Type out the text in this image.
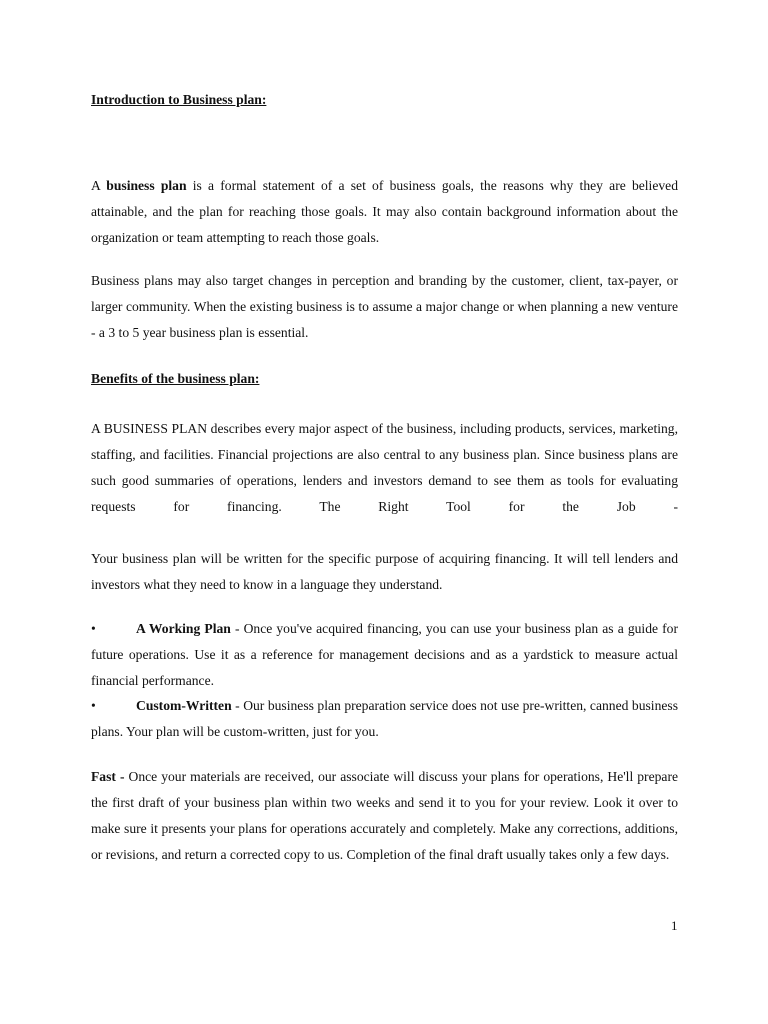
Introduction to Business plan:
A business plan is a formal statement of a set of business goals, the reasons why they are believed attainable, and the plan for reaching those goals. It may also contain background information about the organization or team attempting to reach those goals.
Business plans may also target changes in perception and branding by the customer, client, tax-payer, or larger community. When the existing business is to assume a major change or when planning a new venture - a 3 to 5 year business plan is essential.
Benefits of the business plan:
A BUSINESS PLAN describes every major aspect of the business, including products, services, marketing, staffing, and facilities. Financial projections are also central to any business plan. Since business plans are such good summaries of operations, lenders and investors demand to see them as tools for evaluating requests for financing. The Right Tool for the Job -
Your business plan will be written for the specific purpose of acquiring financing. It will tell lenders and investors what they need to know in a language they understand.
•	A Working Plan - Once you've acquired financing, you can use your business plan as a guide for future operations. Use it as a reference for management decisions and as a yardstick to measure actual financial performance.
•	Custom-Written - Our business plan preparation service does not use pre-written, canned business plans. Your plan will be custom-written, just for you.
Fast - Once your materials are received, our associate will discuss your plans for operations, He'll prepare the first draft of your business plan within two weeks and send it to you for your review. Look it over to make sure it presents your plans for operations accurately and completely. Make any corrections, additions, or revisions, and return a corrected copy to us. Completion of the final draft usually takes only a few days.
1
